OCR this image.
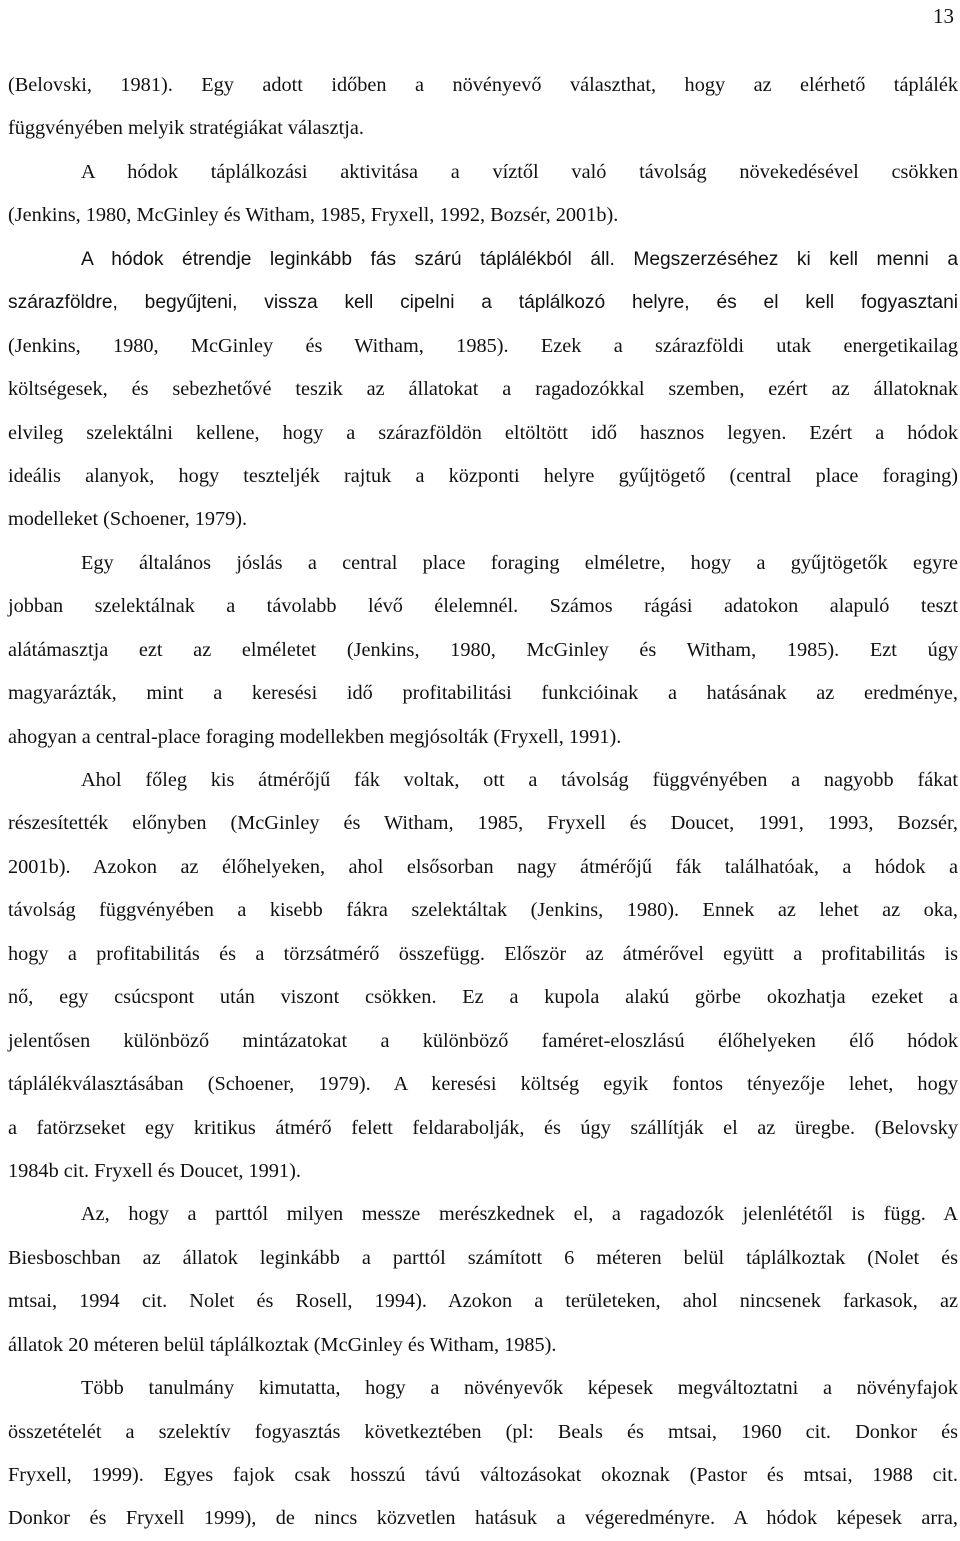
13
(Belovski, 1981). Egy adott időben a növényevő választhat, hogy az elérhető táplálék
függvényében melyik stratégiákat választja.
A hódok táplálkozási aktivitása a víztől való távolság növekedésével csökken
(Jenkins, 1980, McGinley és Witham, 1985, Fryxell, 1992, Bozsér, 2001b).
A hódok étrendje leginkább fás szárú táplálékból áll. Megszerzéséhez ki kell menni a
szárazföldre, begyűjteni, vissza kell cipelni a táplálkozó helyre, és el kell fogyasztani
(Jenkins, 1980, McGinley és Witham, 1985). Ezek a szárazföldi utak energetikailag
költségesek, és sebezhetővé teszik az állatokat a ragadozókkal szemben, ezért az állatoknak
elvileg szelektálni kellene, hogy a szárazföldön eltöltött idő hasznos legyen. Ezért a hódok
ideális alanyok, hogy teszteljék rajtuk a központi helyre gyűjtögető (central place foraging)
modelleket (Schoener, 1979).
Egy általános jóslás a central place foraging elméletre, hogy a gyűjtögetők egyre
jobban szelektálnak a távolabb lévő élelemnél. Számos rágási adatokon alapuló teszt
alátámasztja ezt az elméletet (Jenkins, 1980, McGinley és Witham, 1985). Ezt úgy
magyarázták, mint a keresési idő profitabilitási funkcióinak a hatásának az eredménye,
ahogyan a central-place foraging modellekben megjósolták (Fryxell, 1991).
Ahol főleg kis átmérőjű fák voltak, ott a távolság függvényében a nagyobb fákat
részesítették előnyben (McGinley és Witham, 1985, Fryxell és Doucet, 1991, 1993, Bozsér,
2001b). Azokon az élőhelyeken, ahol elsősorban nagy átmérőjű fák találhatóak, a hódok a
távolság függvényében a kisebb fákra szelektáltak (Jenkins, 1980). Ennek az lehet az oka,
hogy a profitabilitás és a törzsátmérő összefügg. Először az átmérővel együtt a profitabilitás is
nő, egy csúcspont után viszont csökken. Ez a kupola alakú görbe okozhatja ezeket a
jelentősen különböző mintázatokat a különböző faméret-eloszlású élőhelyeken élő hódok
táplálékválasztásában (Schoener, 1979). A keresési költség egyik fontos tényezője lehet, hogy
a fatörzseket egy kritikus átmérő felett feldarabolják, és úgy szállítják el az üregbe. (Belovsky
1984b cit. Fryxell és Doucet, 1991).
Az, hogy a parttól milyen messze merészkednek el, a ragadozók jelenlététől is függ. A
Biesboschban az állatok leginkább a parttól számított 6 méteren belül táplálkoztak (Nolet és
mtsai, 1994 cit. Nolet és Rosell, 1994). Azokon a területeken, ahol nincsenek farkasok, az
állatok 20 méteren belül táplálkoztak (McGinley és Witham, 1985).
Több tanulmány kimutatta, hogy a növényevők képesek megváltoztatni a növényfajok
összetételét a szelektív fogyasztás következtében (pl: Beals és mtsai, 1960 cit. Donkor és
Fryxell, 1999). Egyes fajok csak hosszú távú változásokat okoznak (Pastor és mtsai, 1988 cit.
Donkor és Fryxell 1999), de nincs közvetlen hatásuk a végeredményre. A hódok képesek arra,
